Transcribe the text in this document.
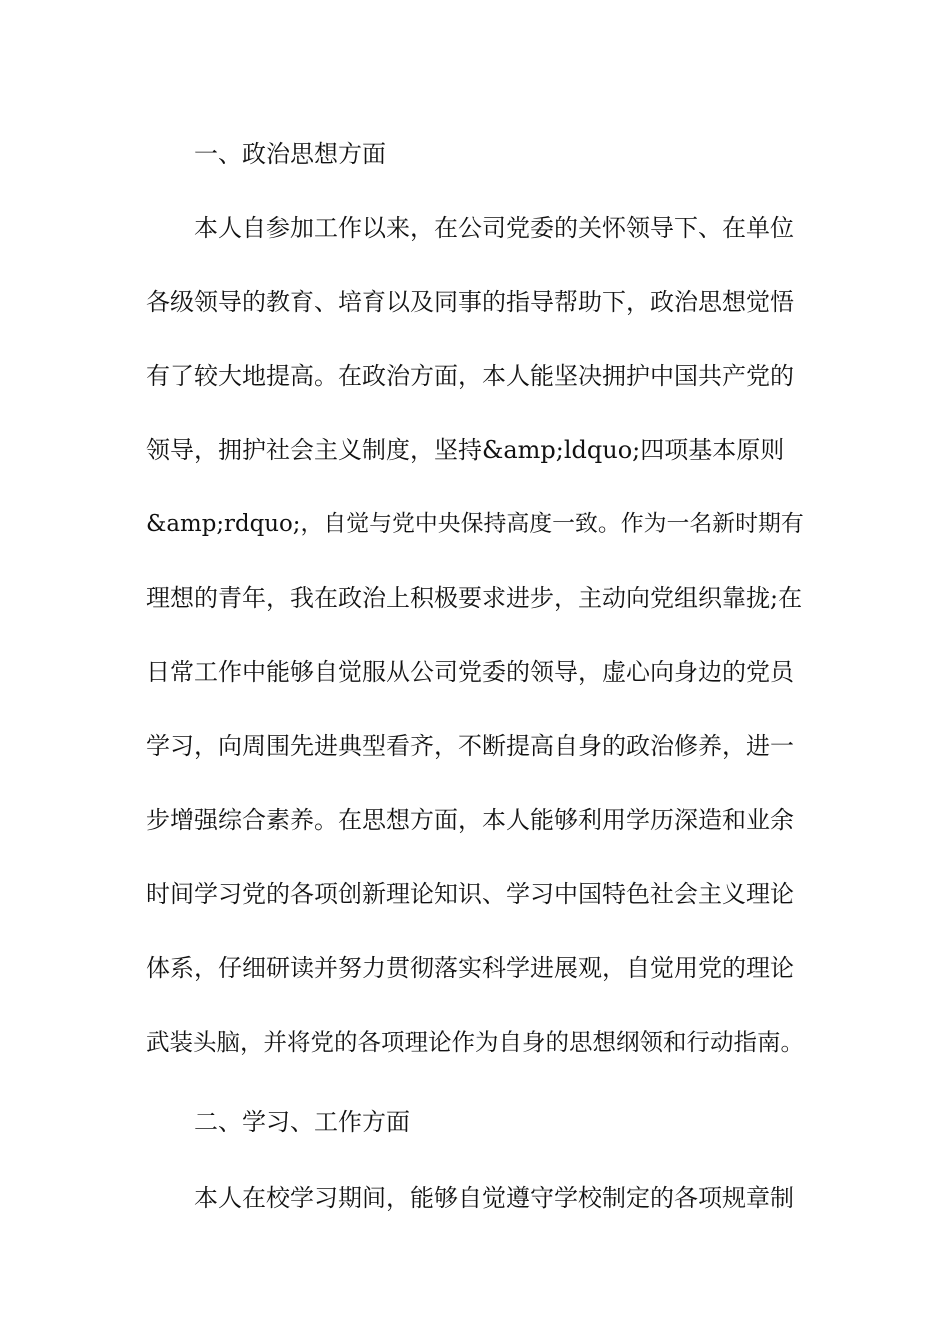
一、政治思想方面

本人自参加工作以来，在公司党委的关怀领导下、在单位

各级领导的教育、培育以及同事的指导帮助下，政治思想觉悟

有了较大地提高。在政治方面，本人能坚决拥护中国共产党的

领导，拥护社会主义制度，坚持&amp;ldquo;四项基本原则

&amp;rdquo;，自觉与党中央保持高度一致。作为一名新时期有

理想的青年，我在政治上积极要求进步，主动向党组织靠拢;在

日常工作中能够自觉服从公司党委的领导，虚心向身边的党员

学习，向周围先进典型看齐，不断提高自身的政治修养，进一

步增强综合素养。在思想方面，本人能够利用学历深造和业余

时间学习党的各项创新理论知识、学习中国特色社会主义理论

体系，仔细研读并努力贯彻落实科学进展观，自觉用党的理论

武装头脑，并将党的各项理论作为自身的思想纲领和行动指南。

二、学习、工作方面

本人在校学习期间，能够自觉遵守学校制定的各项规章制
